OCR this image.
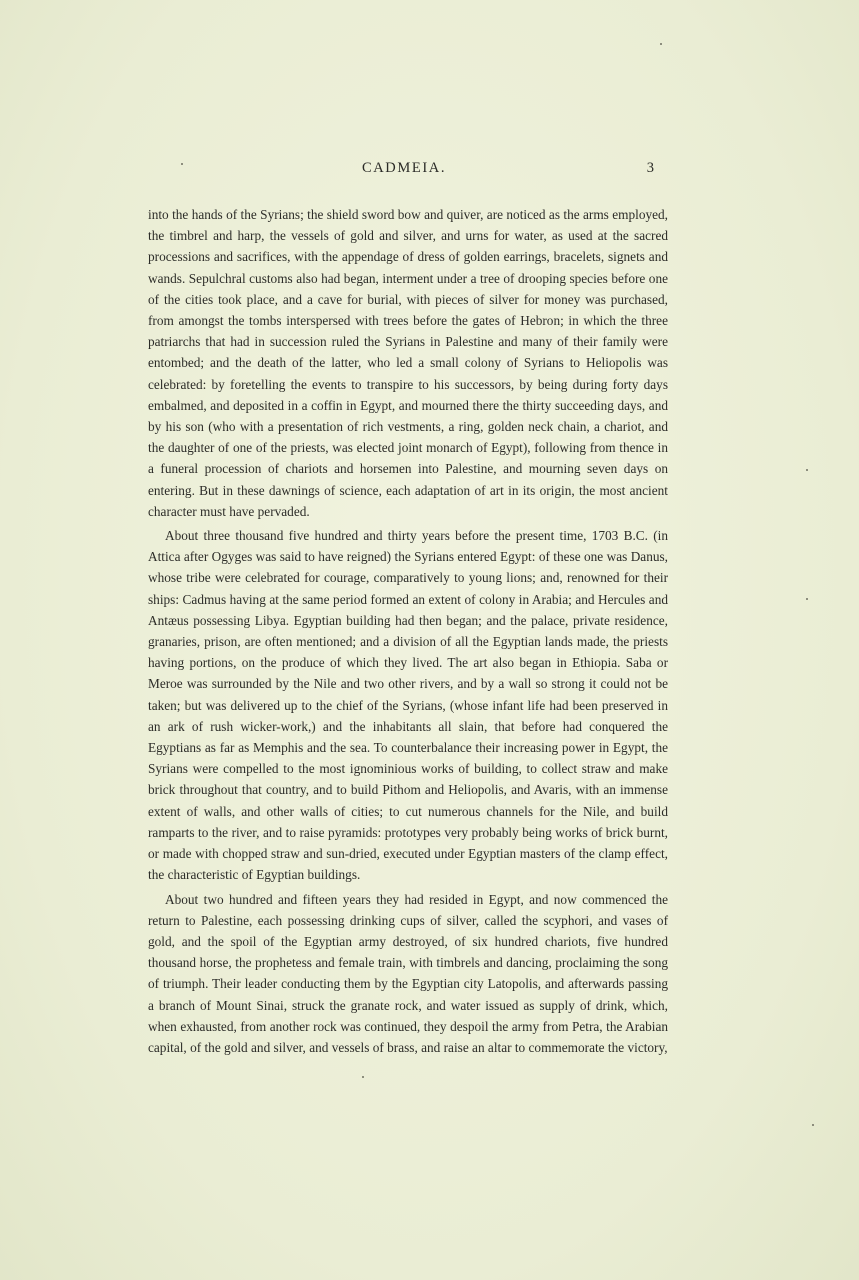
CADMEIA.	3

into the hands of the Syrians; the shield sword bow and quiver, are noticed as the arms employed, the timbrel and harp, the vessels of gold and silver, and urns for water, as used at the sacred processions and sacrifices, with the appendage of dress of golden earrings, bracelets, signets and wands. Sepulchral customs also had began, interment under a tree of drooping species before one of the cities took place, and a cave for burial, with pieces of silver for money was purchased, from amongst the tombs interspersed with trees before the gates of Hebron; in which the three patriarchs that had in succession ruled the Syrians in Palestine and many of their family were entombed; and the death of the latter, who led a small colony of Syrians to Heliopolis was celebrated: by foretelling the events to transpire to his successors, by being during forty days embalmed, and deposited in a coffin in Egypt, and mourned there the thirty succeeding days, and by his son (who with a presentation of rich vestments, a ring, golden neck chain, a chariot, and the daughter of one of the priests, was elected joint monarch of Egypt), following from thence in a funeral procession of chariots and horsemen into Palestine, and mourning seven days on entering. But in these dawnings of science, each adaptation of art in its origin, the most ancient character must have pervaded.

About three thousand five hundred and thirty years before the present time, 1703 B.C. (in Attica after Ogyges was said to have reigned) the Syrians entered Egypt: of these one was Danus, whose tribe were celebrated for courage, comparatively to young lions; and, renowned for their ships: Cadmus having at the same period formed an extent of colony in Arabia; and Hercules and Antæus possessing Libya. Egyptian building had then began; and the palace, private residence, granaries, prison, are often mentioned; and a division of all the Egyptian lands made, the priests having portions, on the produce of which they lived. The art also began in Ethiopia. Saba or Meroe was surrounded by the Nile and two other rivers, and by a wall so strong it could not be taken; but was delivered up to the chief of the Syrians, (whose infant life had been preserved in an ark of rush wicker-work,) and the inhabitants all slain, that before had conquered the Egyptians as far as Memphis and the sea. To counterbalance their increasing power in Egypt, the Syrians were compelled to the most ignominious works of building, to collect straw and make brick throughout that country, and to build Pithom and Heliopolis, and Avaris, with an immense extent of walls, and other walls of cities; to cut numerous channels for the Nile, and build ramparts to the river, and to raise pyramids: prototypes very probably being works of brick burnt, or made with chopped straw and sun-dried, executed under Egyptian masters of the clamp effect, the characteristic of Egyptian buildings.

About two hundred and fifteen years they had resided in Egypt, and now commenced the return to Palestine, each possessing drinking cups of silver, called the scyphori, and vases of gold, and the spoil of the Egyptian army destroyed, of six hundred chariots, five hundred thousand horse, the prophetess and female train, with timbrels and dancing, proclaiming the song of triumph. Their leader conducting them by the Egyptian city Latopolis, and afterwards passing a branch of Mount Sinai, struck the granate rock, and water issued as supply of drink, which, when exhausted, from another rock was continued, they despoil the army from Petra, the Arabian capital, of the gold and silver, and vessels of brass, and raise an altar to commemorate the victory,
